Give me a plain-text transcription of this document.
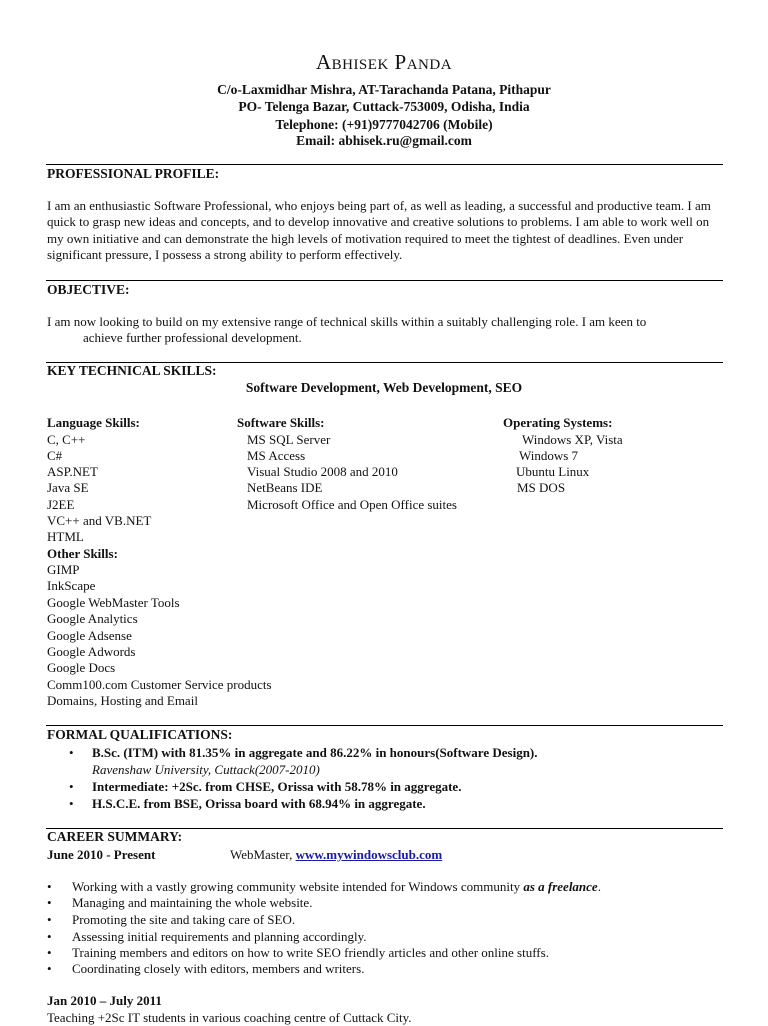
Abhisek Panda
C/o-Laxmidhar Mishra, AT-Tarachanda Patana, Pithapur
PO- Telenga Bazar, Cuttack-753009, Odisha, India
Telephone: (+91)9777042706 (Mobile)
Email: abhisek.ru@gmail.com
PROFESSIONAL PROFILE:
I am an enthusiastic Software Professional, who enjoys being part of, as well as leading, a successful and productive team. I am quick to grasp new ideas and concepts, and to develop innovative and creative solutions to problems. I am able to work well on my own initiative and can demonstrate the high levels of motivation required to meet the tightest of deadlines. Even under significant pressure, I possess a strong ability to perform effectively.
OBJECTIVE:
I am now looking to build on my extensive range of technical skills within a suitably challenging role. I am keen to
achieve further professional development.
KEY TECHNICAL SKILLS:
Software Development, Web Development, SEO
Language Skills:
C, C++
C#
ASP.NET
Java SE
J2EE
VC++ and VB.NET
HTML
Other Skills:
GIMP
InkScape
Google WebMaster Tools
Google Analytics
Google Adsense
Google Adwords
Google Docs
Comm100.com Customer Service products
Domains, Hosting and Email
Software Skills:
MS SQL Server
MS Access
Visual Studio 2008 and 2010
NetBeans IDE
Microsoft Office and Open Office suites
Operating Systems:
Windows XP, Vista
Windows 7
Ubuntu Linux
MS DOS
FORMAL QUALIFICATIONS:
• B.Sc. (ITM) with 81.35% in aggregate and 86.22% in honours(Software Design).
Ravenshaw University, Cuttack(2007-2010)
• Intermediate: +2Sc. from CHSE, Orissa with 58.78% in aggregate.
• H.S.C.E. from BSE, Orissa board with 68.94% in aggregate.
CAREER SUMMARY:
June 2010 - Present	WebMaster, www.mywindowsclub.com
• Working with a vastly growing community website intended for Windows community as a freelance.
• Managing and maintaining the whole website.
• Promoting the site and taking care of SEO.
• Assessing initial requirements and planning accordingly.
• Training members and editors on how to write SEO friendly articles and other online stuffs.
• Coordinating closely with editors, members and writers.
Jan 2010 – July 2011
Teaching +2Sc IT students in various coaching centre of Cuttack City.
